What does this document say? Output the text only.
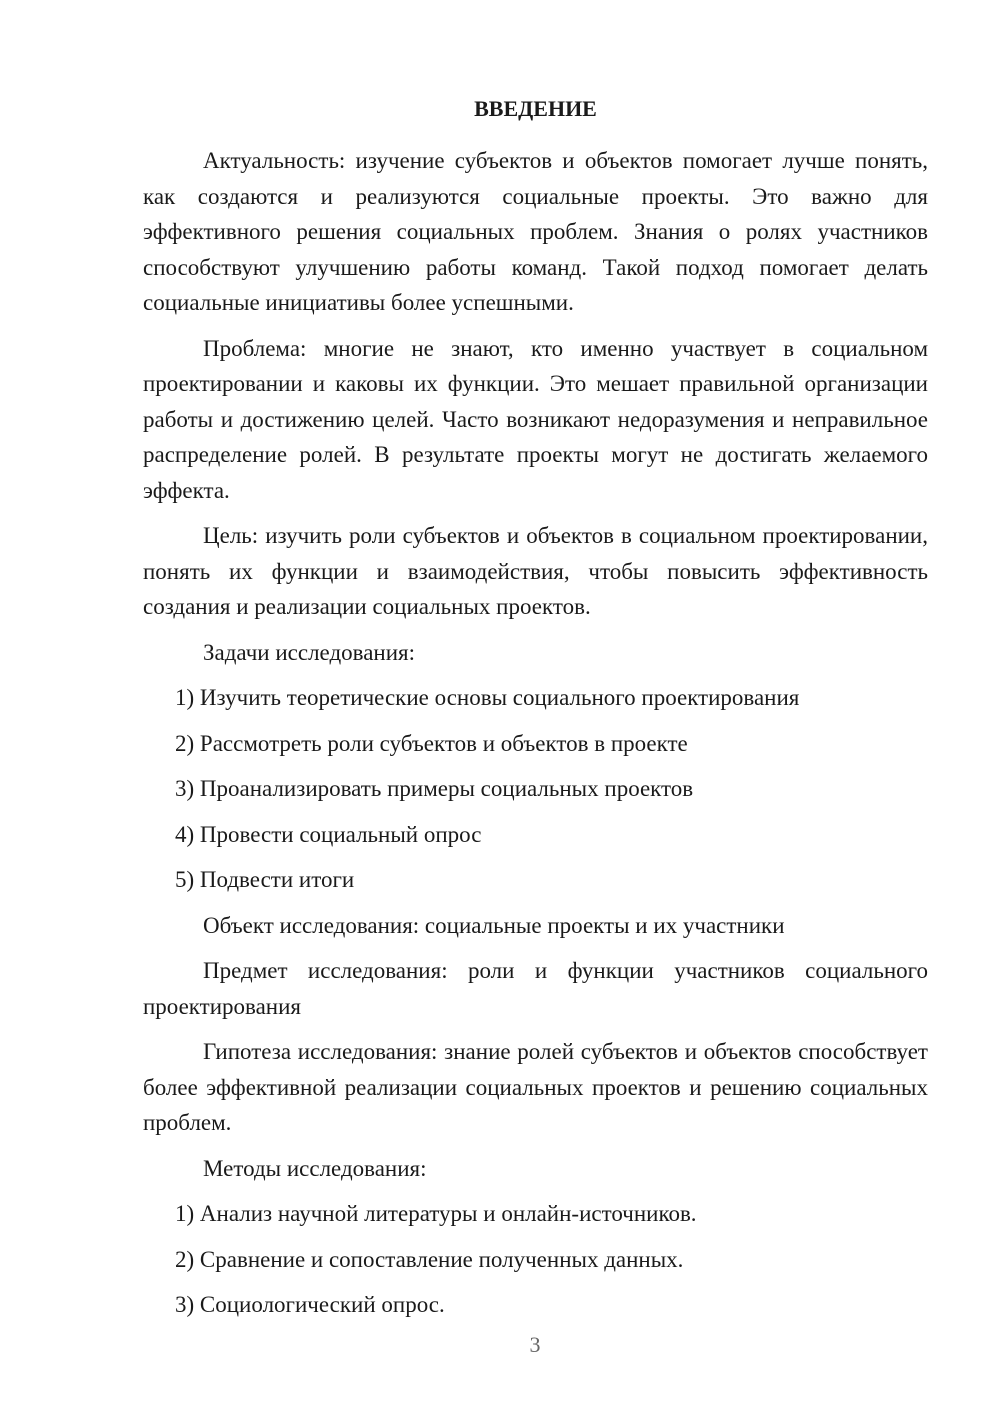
ВВЕДЕНИЕ

Актуальность: изучение субъектов и объектов помогает лучше понять, как создаются и реализуются социальные проекты. Это важно для эффективного решения социальных проблем. Знания о ролях участников способствуют улучшению работы команд. Такой подход помогает делать социальные инициативы более успешными.

Проблема: многие не знают, кто именно участвует в социальном проектировании и каковы их функции. Это мешает правильной организации работы и достижению целей. Часто возникают недоразумения и неправильное распределение ролей. В результате проекты могут не достигать желаемого эффекта.

Цель: изучить роли субъектов и объектов в социальном проектировании, понять их функции и взаимодействия, чтобы повысить эффективность создания и реализации социальных проектов.

Задачи исследования:

1) Изучить теоретические основы социального проектирования
2) Рассмотреть роли субъектов и объектов в проекте
3) Проанализировать примеры социальных проектов
4) Провести социальный опрос
5) Подвести итоги

Объект исследования: социальные проекты и их участники

Предмет исследования: роли и функции участников социального проектирования

Гипотеза исследования: знание ролей субъектов и объектов способствует более эффективной реализации социальных проектов и решению социальных проблем.

Методы исследования:

1) Анализ научной литературы и онлайн-источников.
2) Сравнение и сопоставление полученных данных.
3) Социологический опрос.
3
